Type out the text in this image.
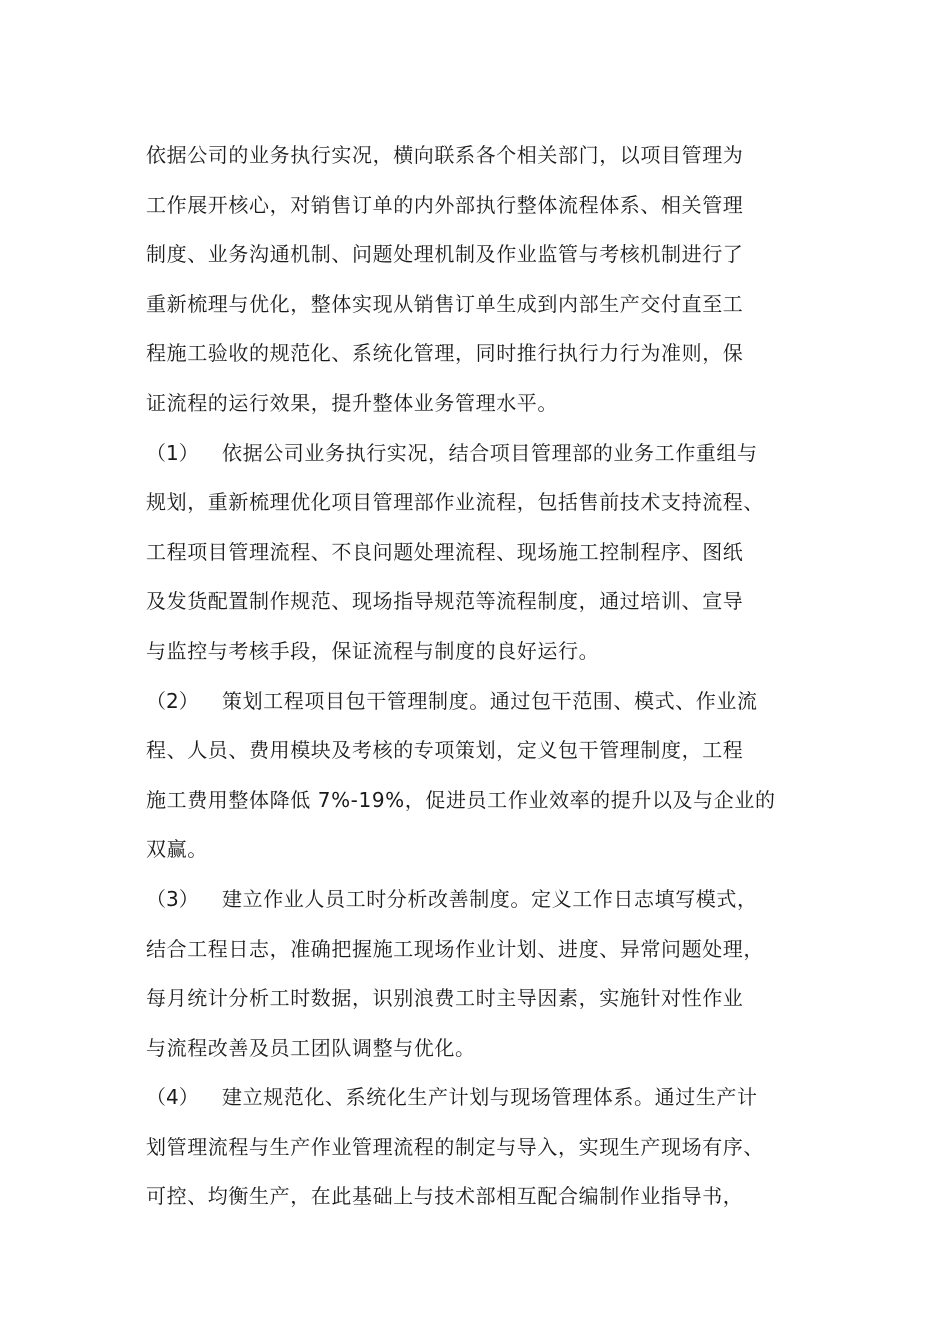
依据公司的业务执行实况，横向联系各个相关部门，以项目管理为
工作展开核心，对销售订单的内外部执行整体流程体系、相关管理
制度、业务沟通机制、问题处理机制及作业监管与考核机制进行了
重新梳理与优化，整体实现从销售订单生成到内部生产交付直至工
程施工验收的规范化、系统化管理，同时推行执行力行为准则，保
证流程的运行效果，提升整体业务管理水平。
（1） 依据公司业务执行实况，结合项目管理部的业务工作重组与
规划，重新梳理优化项目管理部作业流程，包括售前技术支持流程、
工程项目管理流程、不良问题处理流程、现场施工控制程序、图纸
及发货配置制作规范、现场指导规范等流程制度，通过培训、宣导
与监控与考核手段，保证流程与制度的良好运行。
（2） 策划工程项目包干管理制度。通过包干范围、模式、作业流
程、人员、费用模块及考核的专项策划，定义包干管理制度，工程
施工费用整体降低 7%-19%，促进员工作业效率的提升以及与企业的
双赢。
（3） 建立作业人员工时分析改善制度。定义工作日志填写模式，
结合工程日志，准确把握施工现场作业计划、进度、异常问题处理，
每月统计分析工时数据，识别浪费工时主导因素，实施针对性作业
与流程改善及员工团队调整与优化。
（4） 建立规范化、系统化生产计划与现场管理体系。通过生产计
划管理流程与生产作业管理流程的制定与导入，实现生产现场有序、
可控、均衡生产，在此基础上与技术部相互配合编制作业指导书，
